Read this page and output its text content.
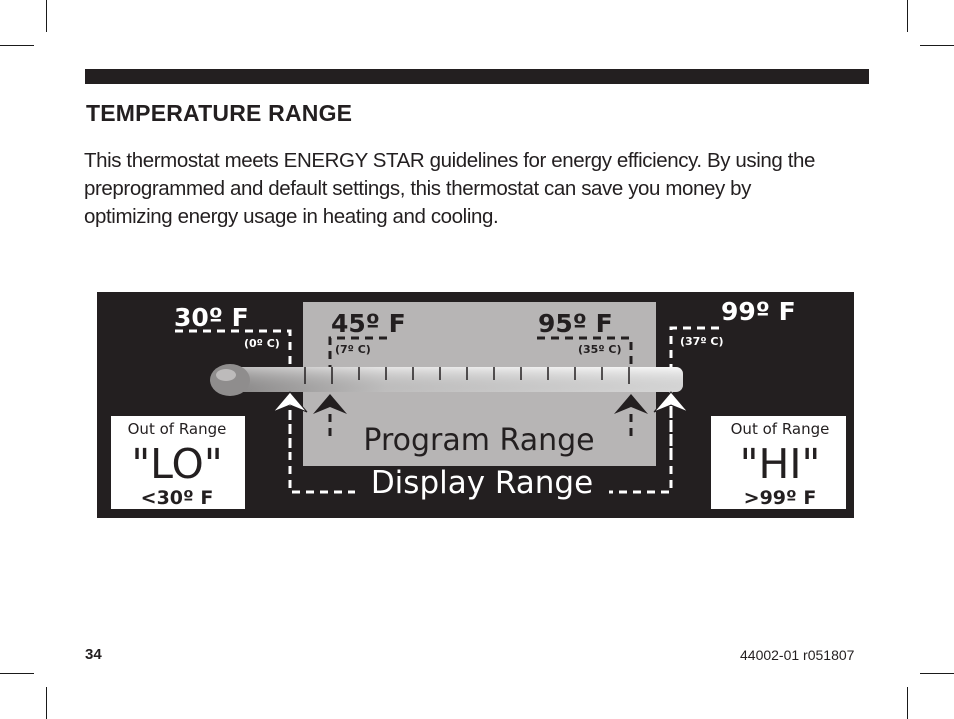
TEMPERATURE RANGE

This thermostat meets ENERGY STAR guidelines for energy efficiency. By using the preprogrammed and default settings, this thermostat can save you money by optimizing energy usage in heating and cooling.

30º F
(0º C)
45º F
(7º C)
95º F
(35º C)
99º F
(37º C)
Program Range
Display Range
Out of Range
"LO"
<30º F
Out of Range
"HI"
>99º F
34	44002-01 r051807
